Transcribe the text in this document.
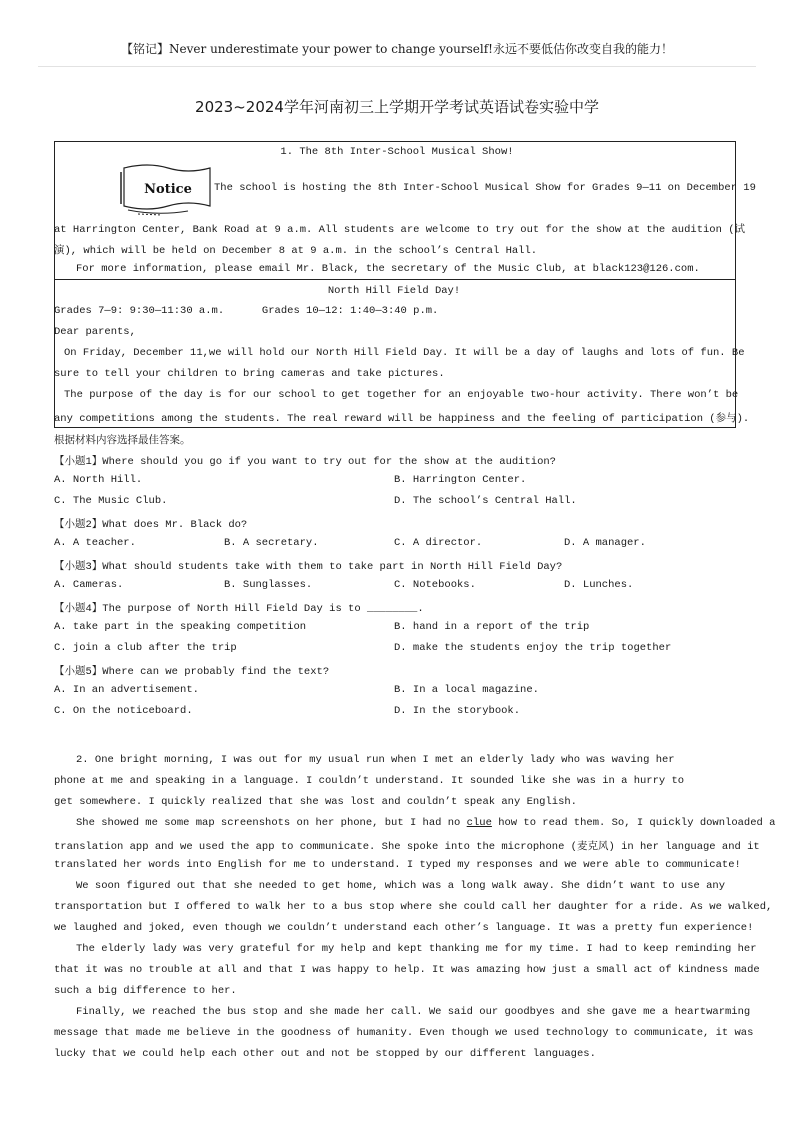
【铭记】Never underestimate your power to change yourself!永远不要低估你改变自我的能力！
2023~2024学年河南初三上学期开学考试英语试卷实验中学
1. The 8th Inter-School Musical Show!
Notice The school is hosting the 8th Inter-School Musical Show for Grades 9—11 on December 19
at Harrington Center, Bank Road at 9 a.m. All students are welcome to try out for the show at the audition (试
演), which will be held on December 8 at 9 a.m. in the school’s Central Hall.
For more information, please email Mr. Black, the secretary of the Music Club, at black123@126.com.
North Hill Field Day!
Grades 7—9: 9:30—11:30 a.m.      Grades 10—12: 1:40—3:40 p.m.
Dear parents,
On Friday, December 11,we will hold our North Hill Field Day. It will be a day of laughs and lots of fun. Be
sure to tell your children to bring cameras and take pictures.
The purpose of the day is for our school to get together for an enjoyable two-hour activity. There won’t be
any competitions among the students. The real reward will be happiness and the feeling of participation (参与).
根据材料内容选择最佳答案。
【小题1】Where should you go if you want to try out for the show at the audition?
A. North Hill.	B. Harrington Center.
C. The Music Club.	D. The school’s Central Hall.
【小题2】What does Mr. Black do?
A. A teacher.	B. A secretary.	C. A director.	D. A manager.
【小题3】What should students take with them to take part in North Hill Field Day?
A. Cameras.	B. Sunglasses.	C. Notebooks.	D. Lunches.
【小题4】The purpose of North Hill Field Day is to ________.
A. take part in the speaking competition	B. hand in a report of the trip
C. join a club after the trip	D. make the students enjoy the trip together
【小题5】Where can we probably find the text?
A. In an advertisement.	B. In a local magazine.
C. On the noticeboard.	D. In the storybook.
2. One bright morning, I was out for my usual run when I met an elderly lady who was waving her
phone at me and speaking in a language. I couldn’t understand. It sounded like she was in a hurry to
get somewhere. I quickly realized that she was lost and couldn’t speak any English.
She showed me some map screenshots on her phone, but I had no clue how to read them. So, I quickly downloaded a
translation app and we used the app to communicate. She spoke into the microphone (麦克风) in her language and it
translated her words into English for me to understand. I typed my responses and we were able to communicate!
We soon figured out that she needed to get home, which was a long walk away. She didn’t want to use any
transportation but I offered to walk her to a bus stop where she could call her daughter for a ride. As we walked,
we laughed and joked, even though we couldn’t understand each other’s language. It was a pretty fun experience!
The elderly lady was very grateful for my help and kept thanking me for my time. I had to keep reminding her
that it was no trouble at all and that I was happy to help. It was amazing how just a small act of kindness made
such a big difference to her.
Finally, we reached the bus stop and she made her call. We said our goodbyes and she gave me a heartwarming
message that made me believe in the goodness of humanity. Even though we used technology to communicate, it was
lucky that we could help each other out and not be stopped by our different languages.
